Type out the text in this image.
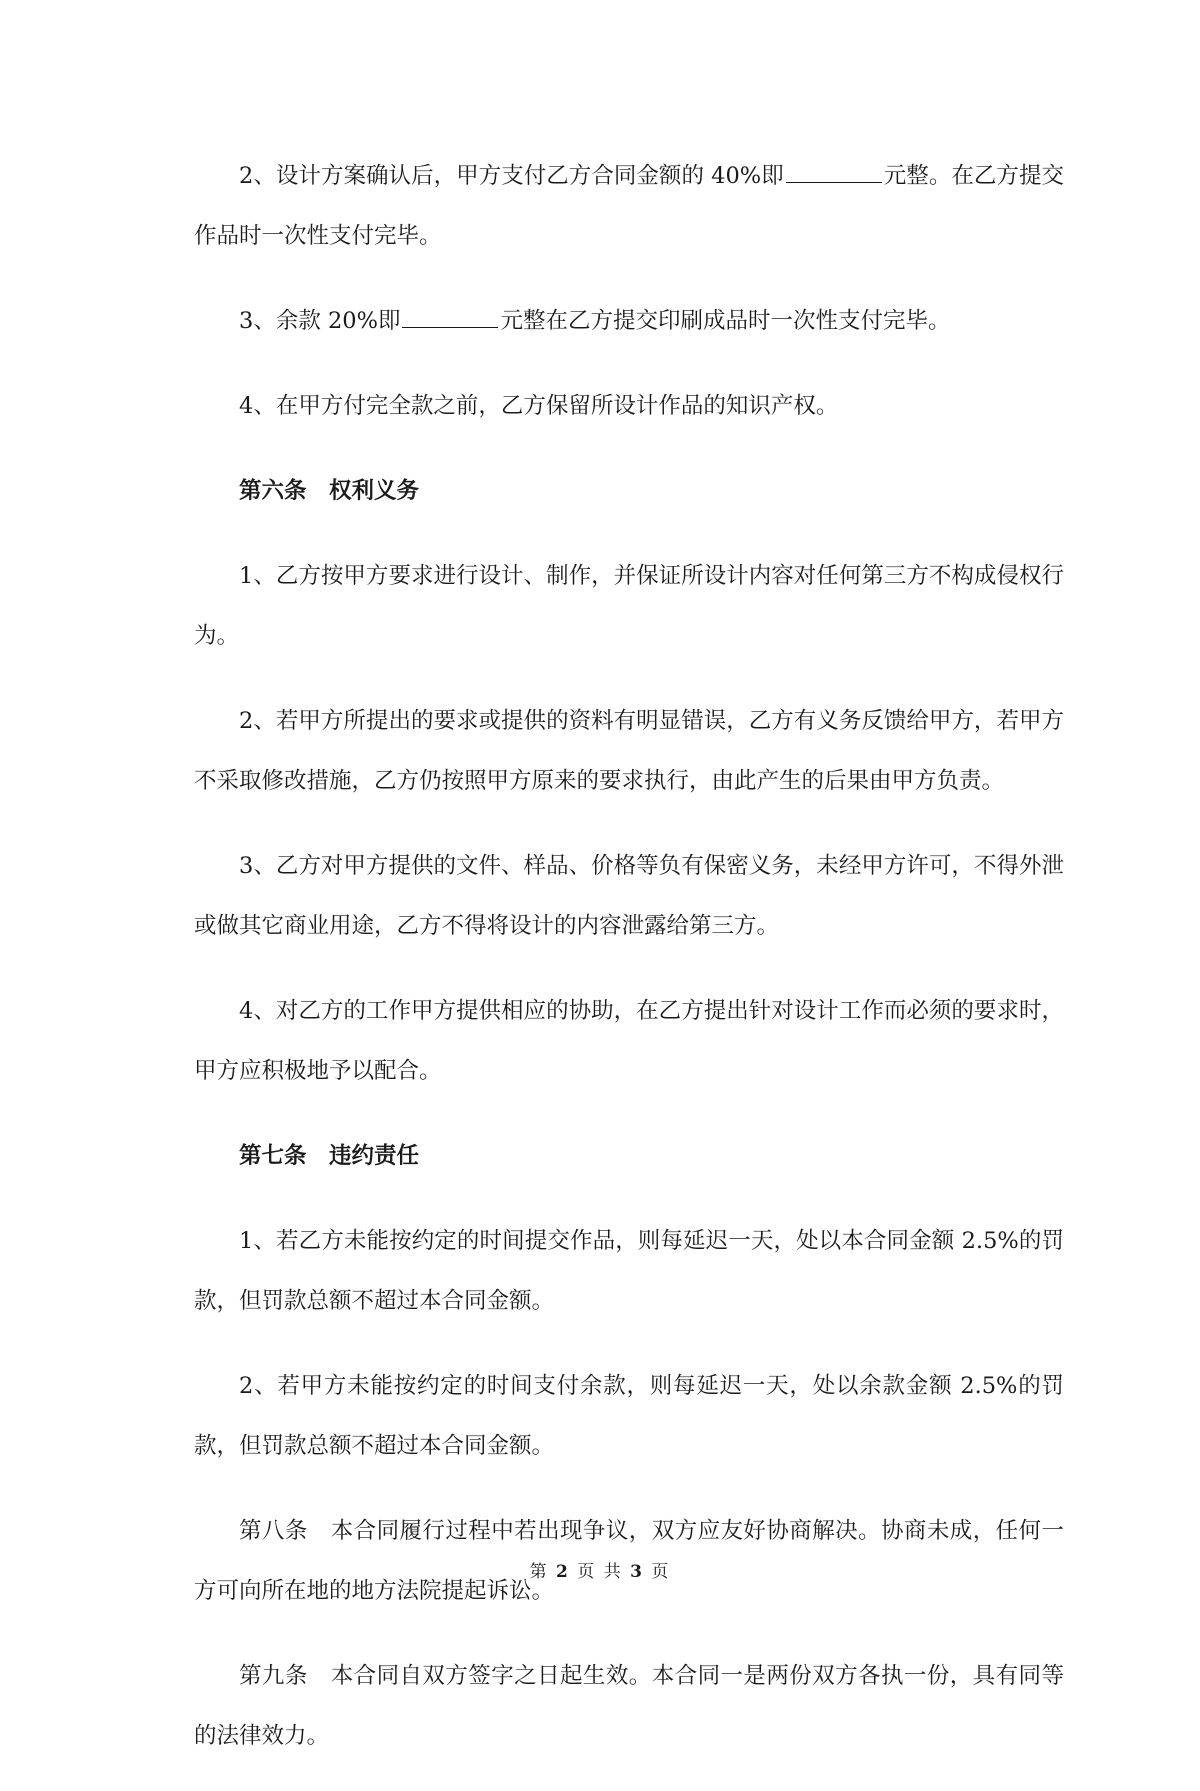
2、设计方案确认后，甲方支付乙方合同金额的 40%即	元整。在乙方提交作品时一次性支付完毕。

3、余款 20%即	元整在乙方提交印刷成品时一次性支付完毕。

4、在甲方付完全款之前，乙方保留所设计作品的知识产权。

第六条 权利义务

1、乙方按甲方要求进行设计、制作，并保证所设计内容对任何第三方不构成侵权行为。

2、若甲方所提出的要求或提供的资料有明显错误，乙方有义务反馈给甲方，若甲方不采取修改措施，乙方仍按照甲方原来的要求执行，由此产生的后果由甲方负责。

3、乙方对甲方提供的文件、样品、价格等负有保密义务，未经甲方许可，不得外泄或做其它商业用途，乙方不得将设计的内容泄露给第三方。

4、对乙方的工作甲方提供相应的协助，在乙方提出针对设计工作而必须的要求时，甲方应积极地予以配合。

第七条 违约责任

1、若乙方未能按约定的时间提交作品，则每延迟一天，处以本合同金额 2.5%的罚款，但罚款总额不超过本合同金额。

2、若甲方未能按约定的时间支付余款，则每延迟一天，处以余款金额 2.5%的罚款，但罚款总额不超过本合同金额。

第八条 本合同履行过程中若出现争议，双方应友好协商解决。协商未成，任何一方可向所在地的地方法院提起诉讼。

第九条 本合同自双方签字之日起生效。本合同一是两份双方各执一份，具有同等的法律效力。

第 2 页 共 3 页
